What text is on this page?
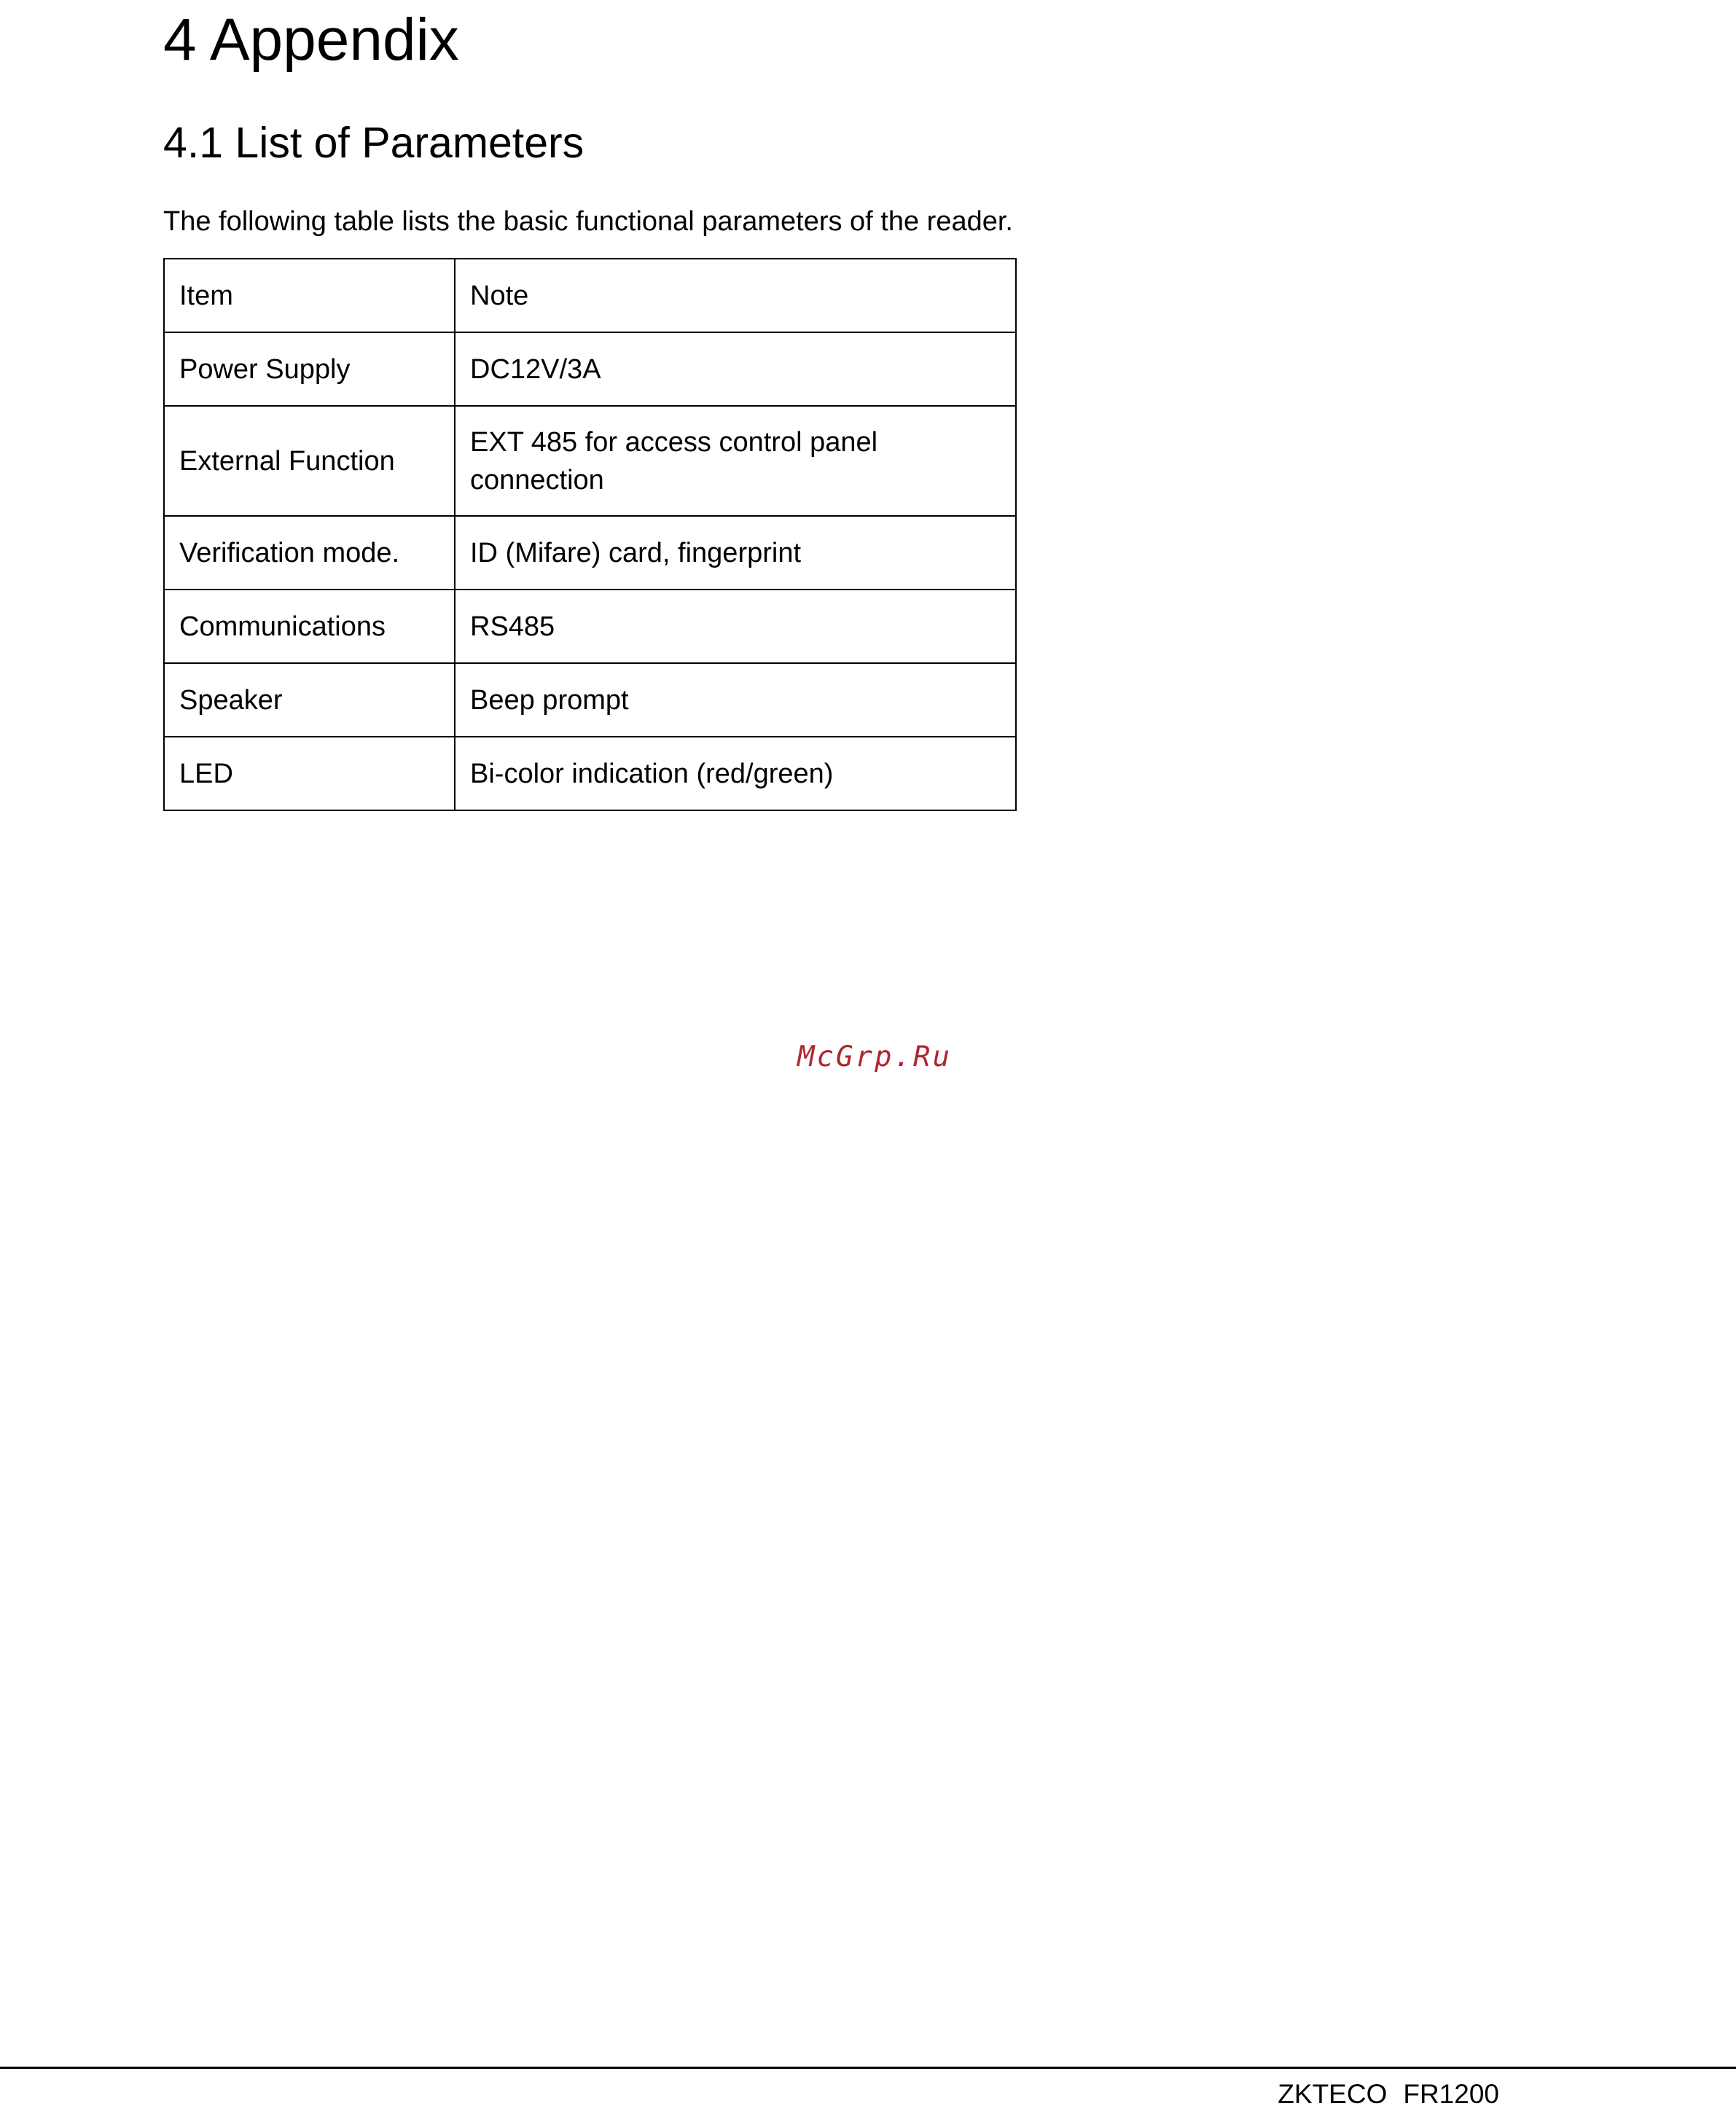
4 Appendix
4.1 List of Parameters

The following table lists the basic functional parameters of the reader.

Item	Note
Power Supply	DC12V/3A
External Function	EXT 485 for access control panel connection
Verification mode.	ID (Mifare) card, fingerprint
Communications	RS485
Speaker	Beep prompt
LED	Bi-color indication (red/green)
McGrp.Ru
ZKTECO FR1200
